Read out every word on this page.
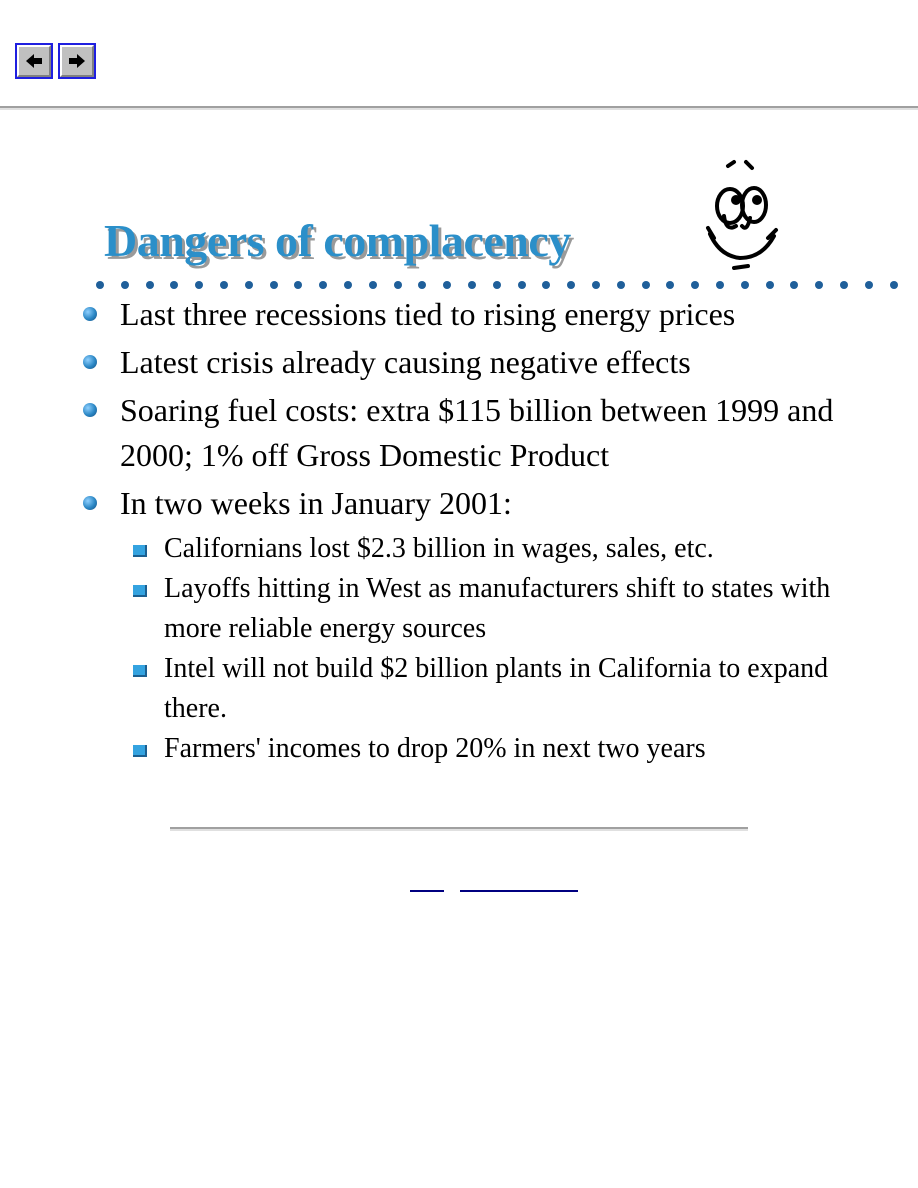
Dangers of complacency
Last three recessions tied to rising energy prices
Latest crisis already causing negative effects
Soaring fuel costs: extra $115 billion between 1999 and 2000; 1% off Gross Domestic Product
In two weeks in January 2001:
Californians lost $2.3 billion in wages, sales, etc.
Layoffs hitting in West as manufacturers shift to states with more reliable energy sources
Intel will not build $2 billion plants in California to expand there.
Farmers' incomes to drop 20% in next two years
